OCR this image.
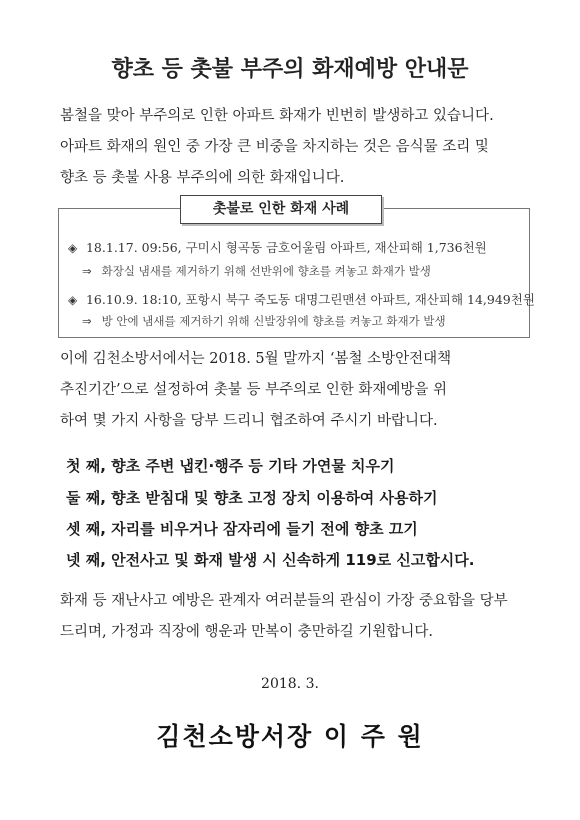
향초 등 촛불 부주의 화재예방 안내문
봄철을 맞아 부주의로 인한 아파트 화재가 빈번히 발생하고 있습니다.
아파트 화재의 원인 중 가장 큰 비중을 차지하는 것은 음식물 조리 및
향초 등 촛불 사용 부주의에 의한 화재입니다.
촛불로 인한 화재 사례
◈ 18.1.17. 09:56, 구미시 형곡동 금호어울림 아파트, 재산피해 1,736천원
⇒ 화장실 냄새를 제거하기 위해 선반위에 향초를 켜놓고 화재가 발생
◈ 16.10.9. 18:10, 포항시 북구 죽도동 대명그린맨션 아파트, 재산피해 14,949천원
⇒ 방 안에 냄새를 제거하기 위해 신발장위에 향초를 켜놓고 화재가 발생
이에 김천소방서에서는 2018. 5월 말까지 ‘봄철 소방안전대책
추진기간’으로 설정하여 촛불 등 부주의로 인한 화재예방을 위
하여 몇 가지 사항을 당부 드리니 협조하여 주시기 바랍니다.
첫 째, 향초 주변 냅킨·행주 등 기타 가연물 치우기
둘 째, 향초 받침대 및 향초 고정 장치 이용하여 사용하기
셋 째, 자리를 비우거나 잠자리에 들기 전에 향초 끄기
넷 째, 안전사고 및 화재 발생 시 신속하게 119로 신고합시다.
화재 등 재난사고 예방은 관계자 여러분들의 관심이 가장 중요함을 당부
드리며, 가정과 직장에 행운과 만복이 충만하길 기원합니다.
2018. 3.
김천소방서장 이 주 원
